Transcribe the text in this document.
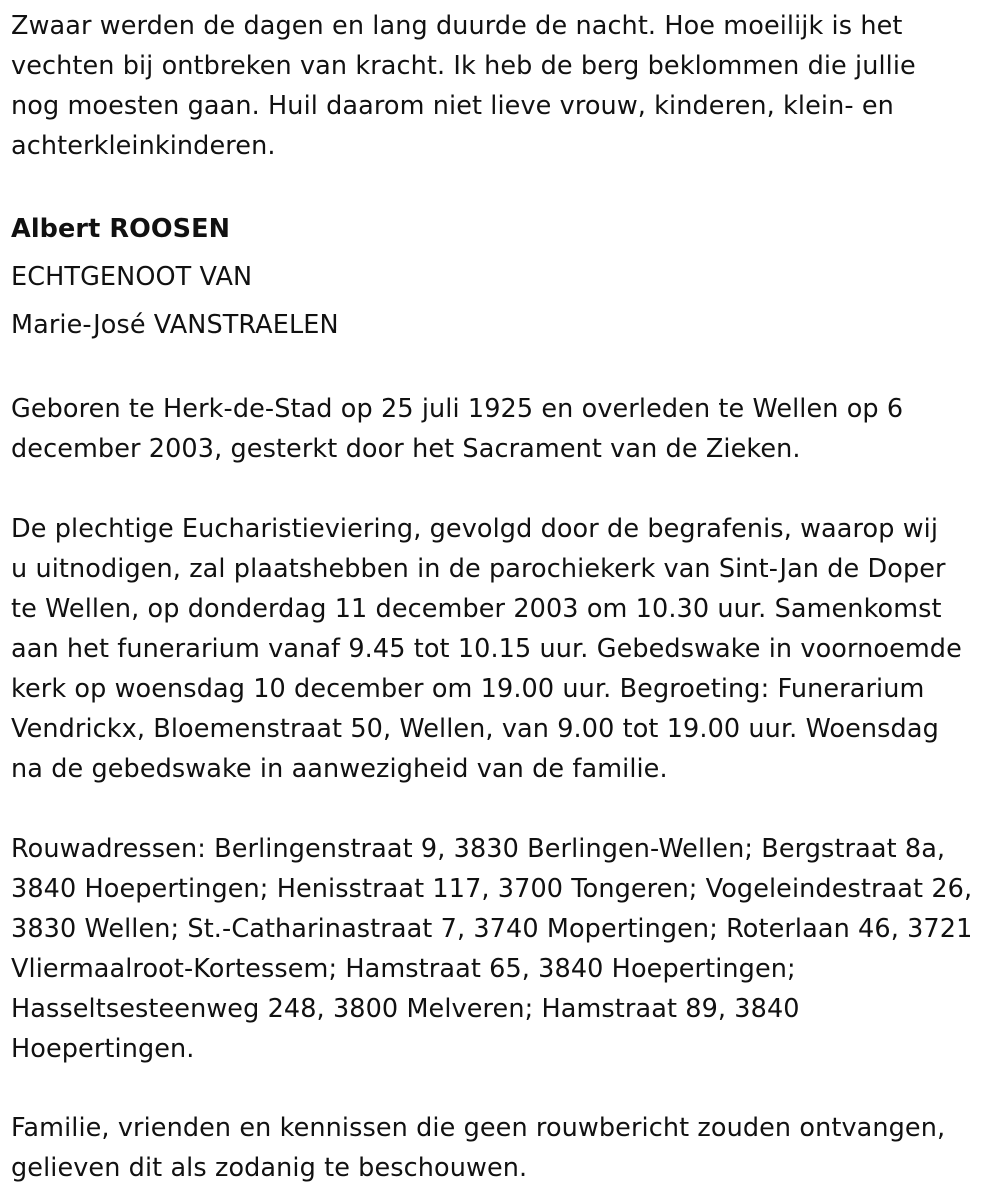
Zwaar werden de dagen en lang duurde de nacht. Hoe moeilijk is het
vechten bij ontbreken van kracht. Ik heb de berg beklommen die jullie
nog moesten gaan. Huil daarom niet lieve vrouw, kinderen, klein- en
achterkleinkinderen.

Albert ROOSEN

ECHTGENOOT VAN

Marie-José VANSTRAELEN

Geboren te Herk-de-Stad op 25 juli 1925 en overleden te Wellen op 6
december 2003, gesterkt door het Sacrament van de Zieken.

De plechtige Eucharistieviering, gevolgd door de begrafenis, waarop wij
u uitnodigen, zal plaatshebben in de parochiekerk van Sint-Jan de Doper
te Wellen, op donderdag 11 december 2003 om 10.30 uur. Samenkomst
aan het funerarium vanaf 9.45 tot 10.15 uur. Gebedswake in voornoemde
kerk op woensdag 10 december om 19.00 uur. Begroeting: Funerarium
Vendrickx, Bloemenstraat 50, Wellen, van 9.00 tot 19.00 uur. Woensdag
na de gebedswake in aanwezigheid van de familie.

Rouwadressen: Berlingenstraat 9, 3830 Berlingen-Wellen; Bergstraat 8a,
3840 Hoepertingen; Henisstraat 117, 3700 Tongeren; Vogeleindestraat 26,
3830 Wellen; St.-Catharinastraat 7, 3740 Mopertingen; Roterlaan 46, 3721
Vliermaalroot-Kortessem; Hamstraat 65, 3840 Hoepertingen;
Hasseltsesteenweg 248, 3800 Melveren; Hamstraat 89, 3840
Hoepertingen.

Familie, vrienden en kennissen die geen rouwbericht zouden ontvangen,
gelieven dit als zodanig te beschouwen.
